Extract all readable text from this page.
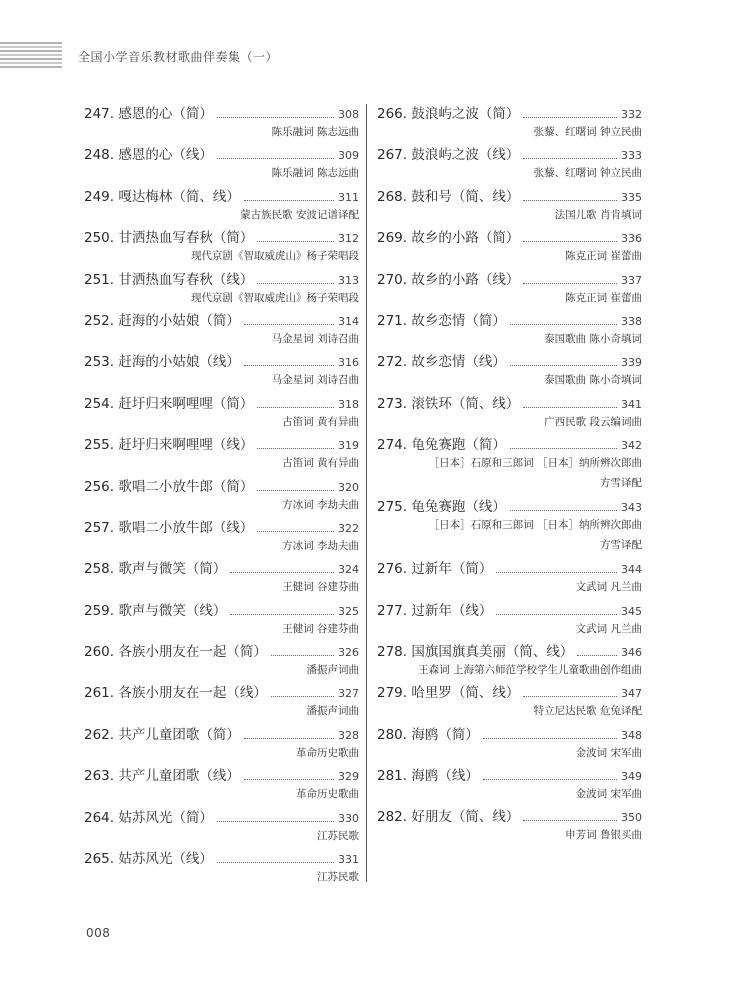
全国小学音乐教材歌曲伴奏集（一）
247. 感恩的心（简）	308
陈乐融词 陈志远曲
248. 感恩的心（线）	309
陈乐融词 陈志远曲
249. 嘎达梅林（简、线）	311
蒙古族民歌 安波记谱译配
250. 甘洒热血写春秋（简）	312
现代京剧《智取威虎山》杨子荣唱段
251. 甘洒热血写春秋（线）	313
现代京剧《智取威虎山》杨子荣唱段
252. 赶海的小姑娘（简）	314
马金星词 刘诗召曲
253. 赶海的小姑娘（线）	316
马金星词 刘诗召曲
254. 赶圩归来啊哩哩（简）	318
古笛词 黄有异曲
255. 赶圩归来啊哩哩（线）	319
古笛词 黄有异曲
256. 歌唱二小放牛郎（简）	320
方冰词 李劫夫曲
257. 歌唱二小放牛郎（线）	322
方冰词 李劫夫曲
258. 歌声与微笑（简）	324
王健词 谷建芬曲
259. 歌声与微笑（线）	325
王健词 谷建芬曲
260. 各族小朋友在一起（简）	326
潘振声词曲
261. 各族小朋友在一起（线）	327
潘振声词曲
262. 共产儿童团歌（简）	328
革命历史歌曲
263. 共产儿童团歌（线）	329
革命历史歌曲
264. 姑苏风光（简）	330
江苏民歌
265. 姑苏风光（线）	331
江苏民歌
266. 鼓浪屿之波（简）	332
张藜、红曙词 钟立民曲
267. 鼓浪屿之波（线）	333
张藜、红曙词 钟立民曲
268. 鼓和号（简、线）	335
法国儿歌 肖肯填词
269. 故乡的小路（简）	336
陈克正词 崔蕾曲
270. 故乡的小路（线）	337
陈克正词 崔蕾曲
271. 故乡恋情（简）	338
泰国歌曲 陈小奇填词
272. 故乡恋情（线）	339
泰国歌曲 陈小奇填词
273. 滚铁环（简、线）	341
广西民歌 段云编词曲
274. 龟兔赛跑（简）	342
［日本］石原和三郎词 ［日本］纳所辨次郎曲
方雪译配
275. 龟兔赛跑（线）	343
［日本］石原和三郎词 ［日本］纳所辨次郎曲
方雪译配
276. 过新年（简）	344
文武词 凡兰曲
277. 过新年（线）	345
文武词 凡兰曲
278. 国旗国旗真美丽（简、线）	346
王森词 上海第六师范学校学生儿童歌曲创作组曲
279. 哈里罗（简、线）	347
特立尼达民歌 危兔译配
280. 海鸥（简）	348
金波词 宋军曲
281. 海鸥（线）	349
金波词 宋军曲
282. 好朋友（简、线）	350
申芳词 鲁银买曲
008
